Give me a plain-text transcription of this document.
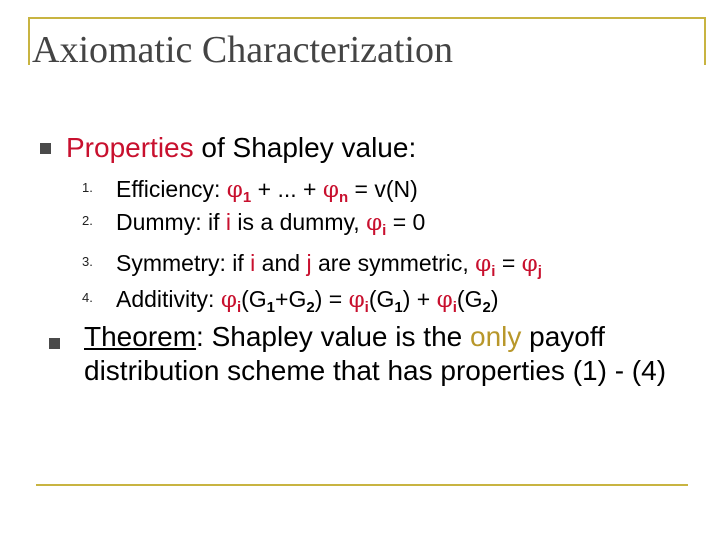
Axiomatic Characterization
Properties of Shapley value:
1.	Efficiency: $\varphi_1$ + ... + $\varphi_n = v(N)$
2.	Dummy: if i is a dummy, $\varphi_i = 0$
3.	Symmetry: if i and j are symmetric, $\varphi_i = \varphi_j$
4.	Additivity: $\varphi_i(G_1+G_2) = \varphi_i(G_1) + \varphi_i(G_2)$
Theorem: Shapley value is the only payoff distribution scheme that has properties (1) - (4)
